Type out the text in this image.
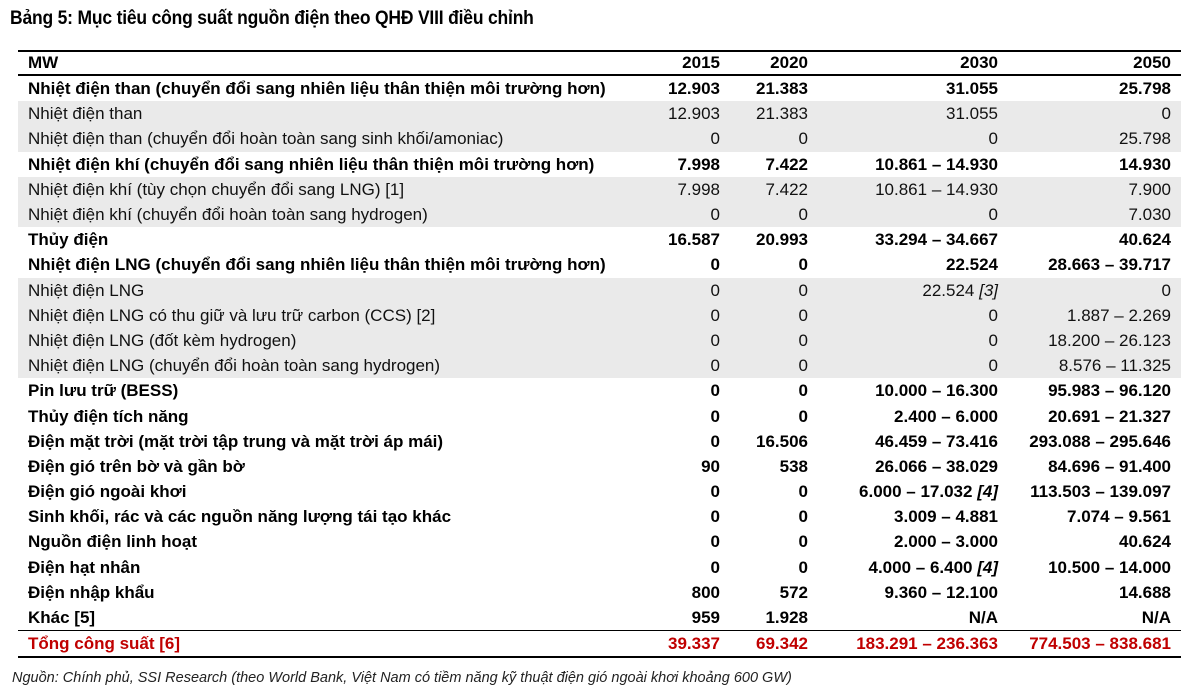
Bảng 5: Mục tiêu công suất nguồn điện theo QHĐ VIII điều chỉnh
MW	2015	2020	2030	2050
Nhiệt điện than (chuyển đổi sang nhiên liệu thân thiện môi trường hơn)	12.903	21.383	31.055	25.798
Nhiệt điện than	12.903	21.383	31.055	0
Nhiệt điện than (chuyển đổi hoàn toàn sang sinh khối/amoniac)	0	0	0	25.798
Nhiệt điện khí (chuyển đổi sang nhiên liệu thân thiện môi trường hơn)	7.998	7.422	10.861 – 14.930	14.930
Nhiệt điện khí (tùy chọn chuyển đổi sang LNG) [1]	7.998	7.422	10.861 – 14.930	7.900
Nhiệt điện khí (chuyển đổi hoàn toàn sang hydrogen)	0	0	0	7.030
Thủy điện	16.587	20.993	33.294 – 34.667	40.624
Nhiệt điện LNG (chuyển đổi sang nhiên liệu thân thiện môi trường hơn)	0	0	22.524	28.663 – 39.717
Nhiệt điện LNG	0	0	22.524 [3]	0
Nhiệt điện LNG có thu giữ và lưu trữ carbon (CCS) [2]	0	0	0	1.887 – 2.269
Nhiệt điện LNG (đốt kèm hydrogen)	0	0	0	18.200 – 26.123
Nhiệt điện LNG (chuyển đổi hoàn toàn sang hydrogen)	0	0	0	8.576 – 11.325
Pin lưu trữ (BESS)	0	0	10.000 – 16.300	95.983 – 96.120
Thủy điện tích năng	0	0	2.400 – 6.000	20.691 – 21.327
Điện mặt trời (mặt trời tập trung và mặt trời áp mái)	0	16.506	46.459 – 73.416	293.088 – 295.646
Điện gió trên bờ và gần bờ	90	538	26.066 – 38.029	84.696 – 91.400
Điện gió ngoài khơi	0	0	6.000 – 17.032 [4]	113.503 – 139.097
Sinh khối, rác và các nguồn năng lượng tái tạo khác	0	0	3.009 – 4.881	7.074 – 9.561
Nguồn điện linh hoạt	0	0	2.000 – 3.000	40.624
Điện hạt nhân	0	0	4.000 – 6.400 [4]	10.500 – 14.000
Điện nhập khẩu	800	572	9.360 – 12.100	14.688
Khác [5]	959	1.928	N/A	N/A
Tổng công suất [6]	39.337	69.342	183.291 – 236.363	774.503 – 838.681
Nguồn: Chính phủ, SSI Research (theo World Bank, Việt Nam có tiềm năng kỹ thuật điện gió ngoài khơi khoảng 600 GW)
